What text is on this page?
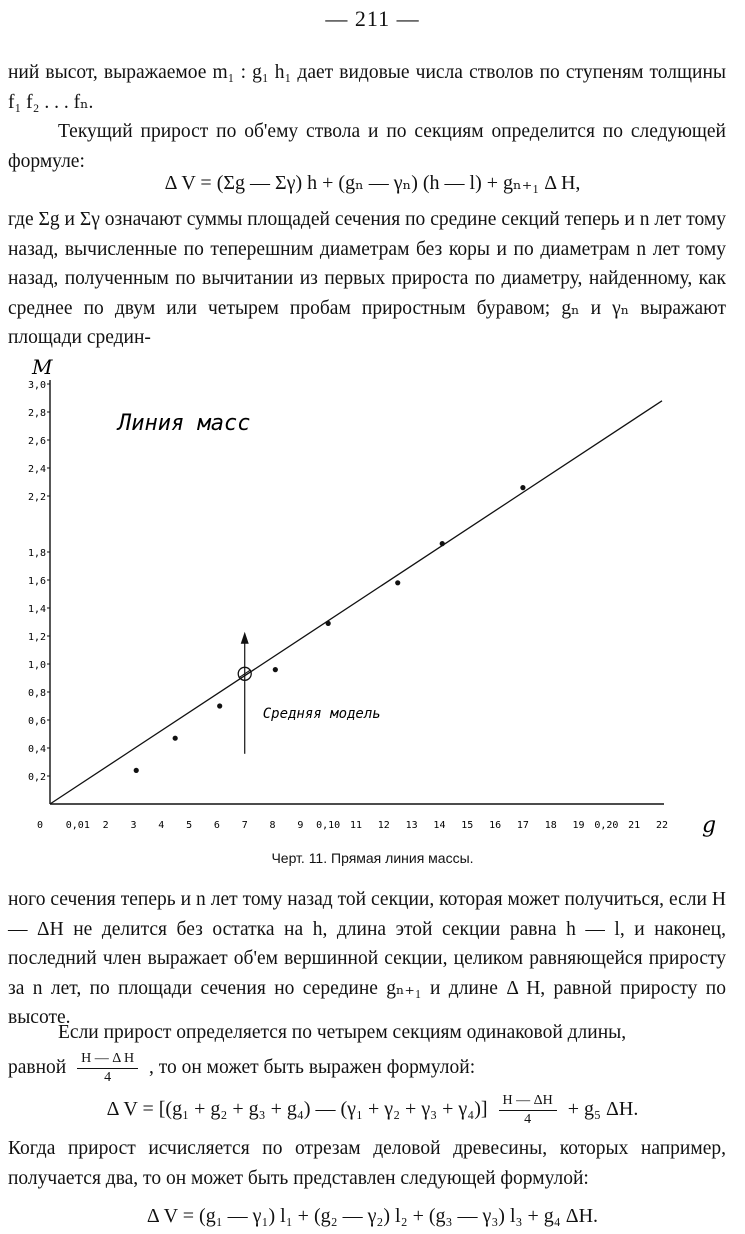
— 211 —

ний высот, выражаемое m₁ : g₁ h₁ дает видовые числа стволов по ступеням толщины f₁ f₂ . . . fₙ.

Текущий прирост по об'ему ствола и по секциям определится по следующей формуле:

Δ V = (Σg — Σγ) h + (gₙ — γₙ) (h — l) + gₙ₊₁ Δ H,
где Σg и Σγ означают суммы площадей сечения по средине секций теперь и n лет тому назад, вычисленные по теперешним диаметрам без коры и по диаметрам n лет тому назад, полученным по вычитании из первых прироста по диаметру, найденному, как среднее по двум или четырем пробам приростным буравом; gₙ и γₙ выражают площади средин-
M
g
0,2
0,4
0,6
0,8
1,0
1,2
1,4
1,6
1,8
2,2
2,4
2,6
2,8
3,0
0 0,01 2 3 4 5 6 7 8 9 0,10 11 12 13 14 15 16 17 18 19 0,20 21 22
Линия масс
Средняя модель
Черт. 11. Прямая линия массы.
ного сечения теперь и n лет тому назад той секции, которая может получиться, если H — ΔH не делится без остатка на h, длина этой секции равна h — l, и наконец, последний член выражает об'ем вершинной секции, целиком равняющейся приросту за n лет, по площади сечения но середине gₙ₊₁ и длине Δ H, равной приросту по высоте.
Если прирост определяется по четырем секциям одинаковой длины,
равной $\frac{\text{H — Δ H}}{4}$ , то он может быть выражен формулой:
Δ V = [(g₁ + g₂ + g₃ + g₄) — $(\gamma_1 + \gamma_2 + \gamma_3 + \gamma_4)] \frac{H — \Delta H}{4} + g_5$ ΔH.
Когда прирост исчисляется по отрезам деловой древесины, которых например, получается два, то он может быть представлен следующей формулой:
Δ V = (g₁ — γ₁) l₁ + (g₂ — γ₂) l₂ + (g₃ — γ₃) l₃ + g₄ ΔH.
